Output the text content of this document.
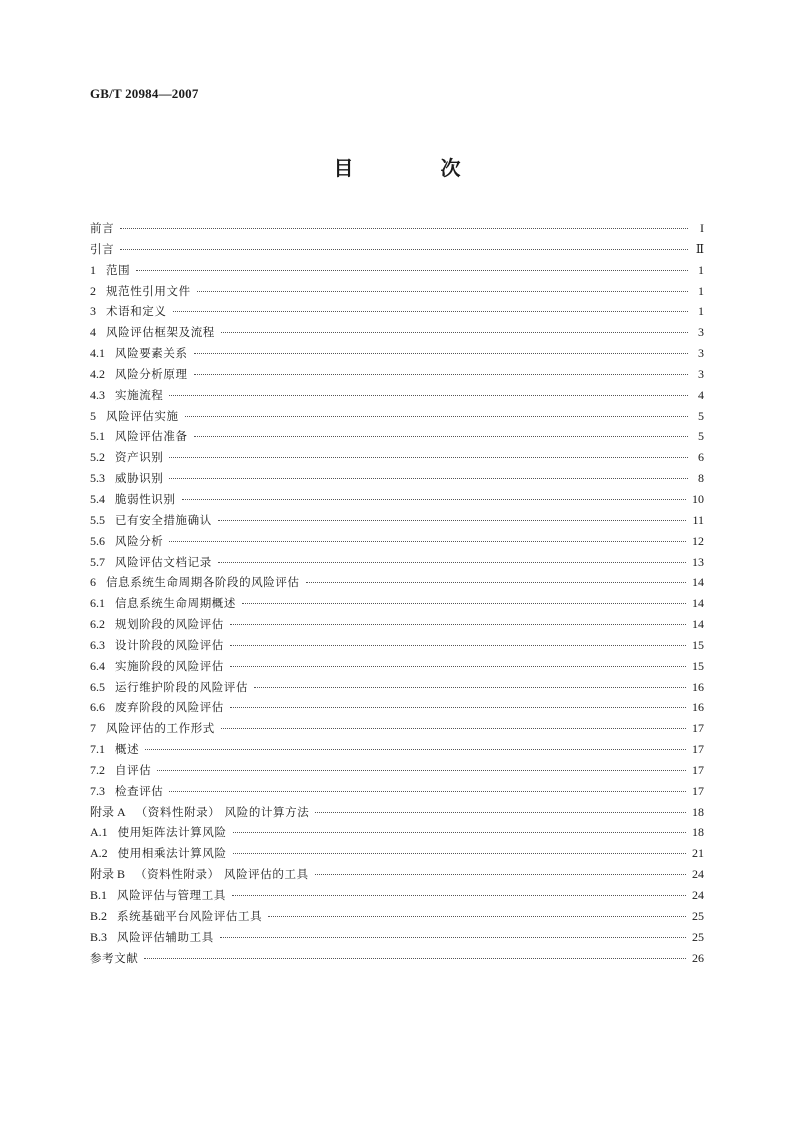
GB/T 20984—2007
目 次
前言	I
引言	Ⅱ
1 范围	1
2 规范性引用文件	1
3 术语和定义	1
4 风险评估框架及流程	3
4.1 风险要素关系	3
4.2 风险分析原理	3
4.3 实施流程	4
5 风险评估实施	5
5.1 风险评估准备	5
5.2 资产识别	6
5.3 威胁识别	8
5.4 脆弱性识别	10
5.5 已有安全措施确认	11
5.6 风险分析	12
5.7 风险评估文档记录	13
6 信息系统生命周期各阶段的风险评估	14
6.1 信息系统生命周期概述	14
6.2 规划阶段的风险评估	14
6.3 设计阶段的风险评估	15
6.4 实施阶段的风险评估	15
6.5 运行维护阶段的风险评估	16
6.6 废弃阶段的风险评估	16
7 风险评估的工作形式	17
7.1 概述	17
7.2 自评估	17
7.3 检查评估	17
附录 A （资料性附录） 风险的计算方法	18
A.1 使用矩阵法计算风险	18
A.2 使用相乘法计算风险	21
附录 B （资料性附录） 风险评估的工具	24
B.1 风险评估与管理工具	24
B.2 系统基础平台风险评估工具	25
B.3 风险评估辅助工具	25
参考文献	26
